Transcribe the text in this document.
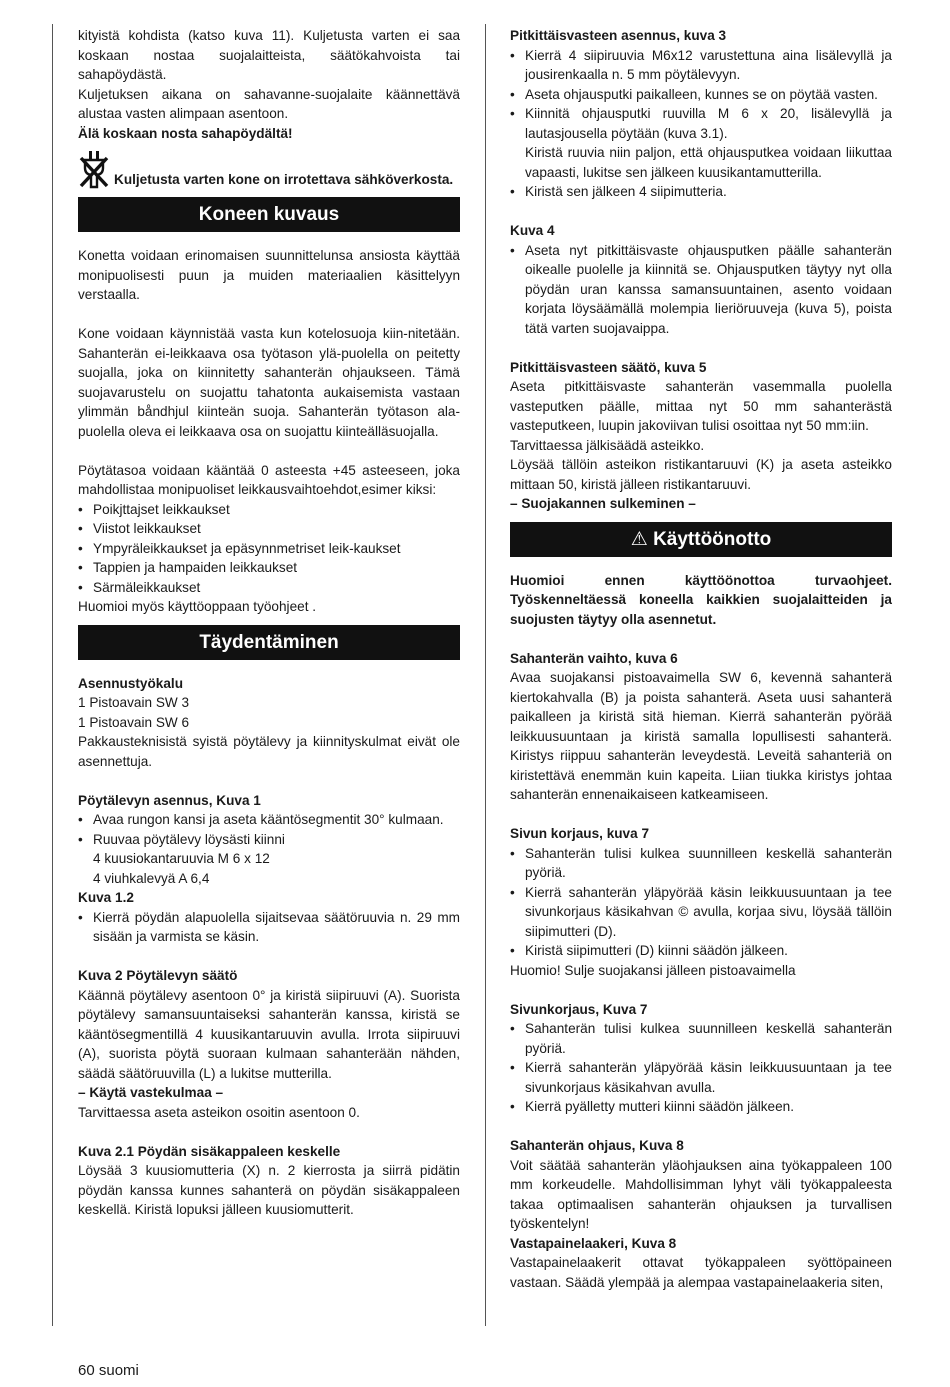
kityistä kohdista (katso kuva 11). Kuljetusta varten ei saa koskaan nostaa suojalaitteista, säätökahvoista tai sahapöydästä.

Kuljetuksen aikana on sahavanne-suojalaite käännettävä alustaa vasten alimpaan asentoon.

Älä koskaan nosta sahapöydältä!

Kuljetusta varten kone on irrotettava sähköverkosta.
Koneen kuvaus

Konetta voidaan erinomaisen suunnittelunsa ansiosta käyttää monipuolisesti puun ja muiden materiaalien käsittelyyn verstaalla.

Kone voidaan käynnistää vasta kun kotelosuoja kiin-nitetään. Sahanterän ei-leikkaava osa työtason ylä-puolella on peitetty suojalla, joka on kiinnitetty sahanterän ohjaukseen. Tämä suojavarustelu on suojattu tahatonta aukaisemista vastaan ylimmän båndhjul kiinteän suoja. Sahanterän työtason ala-puolella oleva ei leikkaava osa on suojattu kiinteälläsuojalla.

Pöytätasoa voidaan kääntää 0 asteesta +45 asteeseen, joka mahdollistaa monipuoliset leikkausvaihtoehdot,esimer kiksi:

• Poikjttajset leikkaukset

• Viistot leikkaukset

• Ympyräleikkaukset ja epäsynnmetriset leik-kaukset

• Tappien ja hampaiden leikkaukset

• Särmäleikkaukset

Huomioi myös käyttöoppaan työohjeet .

Täydentäminen

Asennustyökalu

1 Pistoavain SW 3

1 Pistoavain SW 6

Pakkausteknisistä syistä pöytälevy ja kiinnityskulmat eivät ole asennettuja.

Pöytälevyn asennus, Kuva 1

• Avaa rungon kansi ja aseta kääntösegmentit 30° kulmaan.

• Ruuvaa pöytälevy löysästi kiinni

4 kuusiokantaruuvia M 6 x 12

4 viuhkalevyä A 6,4

Kuva 1.2

• Kierrä pöydän alapuolella sijaitsevaa säätöruuvia n. 29 mm sisään ja varmista se käsin.

Kuva 2 Pöytälevyn säätö

Käännä pöytälevy asentoon 0° ja kiristä siipiruuvi (A). Suorista pöytälevy samansuuntaiseksi sahanterän kanssa, kiristä se kääntösegmentillä 4 kuusikantaruuvin avulla. Irrota siipiruuvi (A), suorista pöytä suoraan kulmaan sahanterään nähden, säädä säätöruuvilla (L) a lukitse mutterilla.

– Käytä vastekulmaa –

Tarvittaessa aseta asteikon osoitin asentoon 0.

Kuva 2.1 Pöydän sisäkappaleen keskelle

Löysää 3 kuusiomutteria (X) n. 2 kierrosta ja siirrä pidätin pöydän kanssa kunnes sahanterä on pöydän sisäkappaleen keskellä. Kiristä lopuksi jälleen kuusiomutterit.

Pitkittäisvasteen asennus, kuva 3

• Kierrä 4 siipiruuvia M6x12 varustettuna aina lisälevyllä ja jousirenkaalla n. 5 mm pöytälevyyn.

• Aseta ohjausputki paikalleen, kunnes se on pöytää vasten.

• Kiinnitä ohjausputki ruuvilla M 6 x 20, lisälevyllä ja lautasjousella pöytään (kuva 3.1).

Kiristä ruuvia niin paljon, että ohjausputkea voidaan liikuttaa vapaasti, lukitse sen jälkeen kuusikantamutterilla.

• Kiristä sen jälkeen 4 siipimutteria.

Kuva 4

• Aseta nyt pitkittäisvaste ohjausputken päälle sahanterän oikealle puolelle ja kiinnitä se. Ohjausputken täytyy nyt olla pöydän uran kanssa samansuuntainen, asento voidaan korjata löysäämällä molempia lieriöruuveja (kuva 5), poista tätä varten suojavaippa.

Pitkittäisvasteen säätö, kuva 5

Aseta pitkittäisvaste sahanterän vasemmalla puolella vasteputken päälle, mittaa nyt 50 mm sahanterästä vasteputkeen, luupin jakoviivan tulisi osoittaa nyt 50 mm:iin.

Tarvittaessa jälkisäädä asteikko.

Löysää tällöin asteikon ristikantaruuvi (K) ja aseta asteikko mittaan 50, kiristä jälleen ristikantaruuvi.

– Suojakannen sulkeminen –

⚠ Käyttöönotto

Huomioi ennen käyttöönottoa turvaohjeet. Työskenneltäessä koneella kaikkien suojalaitteiden ja suojusten täytyy olla asennetut.

Sahanterän vaihto, kuva 6

Avaa suojakansi pistoavaimella SW 6, kevennä sahanterä kiertokahvalla (B) ja poista sahanterä. Aseta uusi sahanterä paikalleen ja kiristä sitä hieman. Kierrä sahanterän pyörää leikkuusuuntaan ja kiristä samalla lopullisesti sahanterä. Kiristys riippuu sahanterän leveydestä. Leveitä sahanteriä on kiristettävä enemmän kuin kapeita. Liian tiukka kiristys johtaa sahanterän ennenaikaiseen katkeamiseen.

Sivun korjaus, kuva 7

• Sahanterän tulisi kulkea suunnilleen keskellä sahanterän pyöriä.

• Kierrä sahanterän yläpyörää käsin leikkuusuuntaan ja tee sivunkorjaus käsikahvan © avulla, korjaa sivu, löysää tällöin siipimutteri (D).

• Kiristä siipimutteri (D) kiinni säädön jälkeen.

Huomio! Sulje suojakansi jälleen pistoavaimella

Sivunkorjaus, Kuva 7

• Sahanterän tulisi kulkea suunnilleen keskellä sahanterän pyöriä.

• Kierrä sahanterän yläpyörää käsin leikkuusuuntaan ja tee sivunkorjaus käsikahvan avulla.

• Kierrä pyälletty mutteri kiinni säädön jälkeen.

Sahanterän ohjaus, Kuva 8

Voit säätää sahanterän yläohjauksen aina työkappaleen 100 mm korkeudelle. Mahdollisimman lyhyt väli työkappaleesta takaa optimaalisen sahanterän ohjauksen ja turvallisen työskentelyn!

Vastapainelaakeri, Kuva 8

Vastapainelaakerit ottavat työkappaleen syöttöpaineen vastaan. Säädä ylempää ja alempaa vastapainelaakeria siten,

60 suomi
